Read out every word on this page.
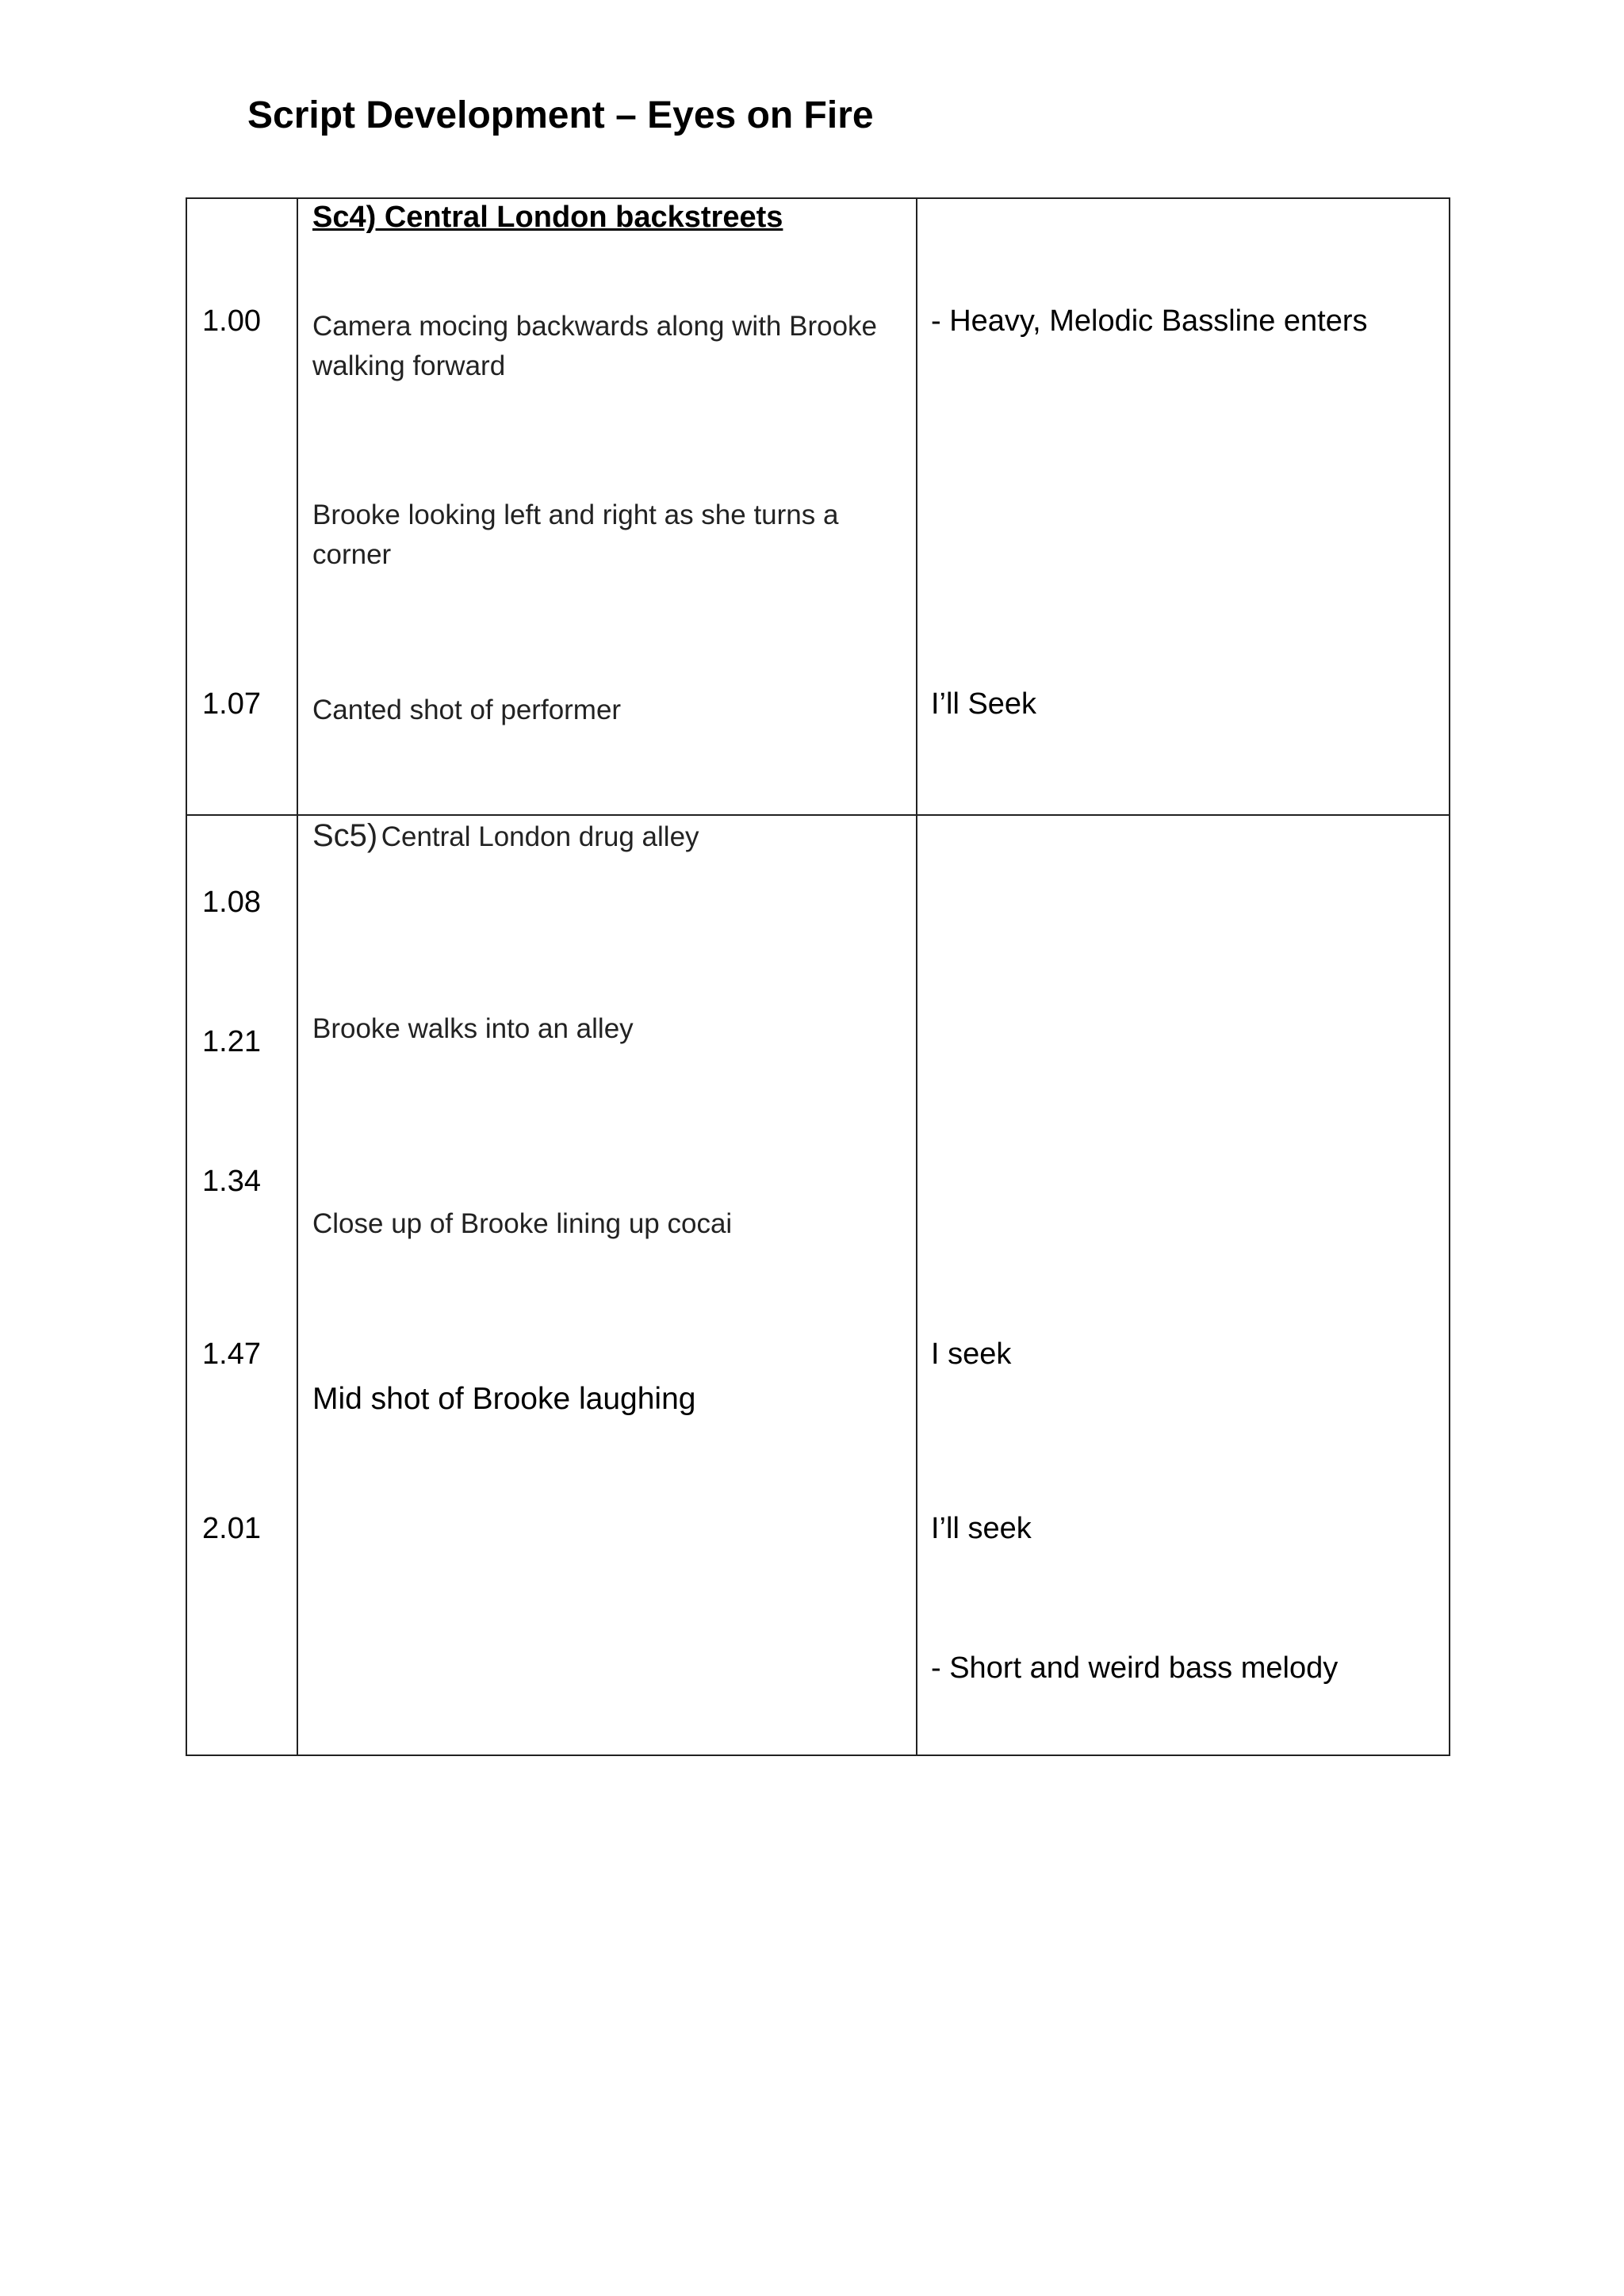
Script Development – Eyes on Fire
Sc4) Central London backstreets
1.00
1.07
Camera mocing backwards along with Brooke
walking forward
Brooke looking left and right as she turns a
corner
Canted shot of performer
- Heavy, Melodic Bassline enters
I’ll Seek
Sc5) Central London drug alley
1.08
1.21
1.34
1.47
2.01
Brooke walks into an alley
Close up of Brooke lining up cocai
Mid shot of Brooke laughing
I seek
I’ll seek
- Short and weird bass melody
